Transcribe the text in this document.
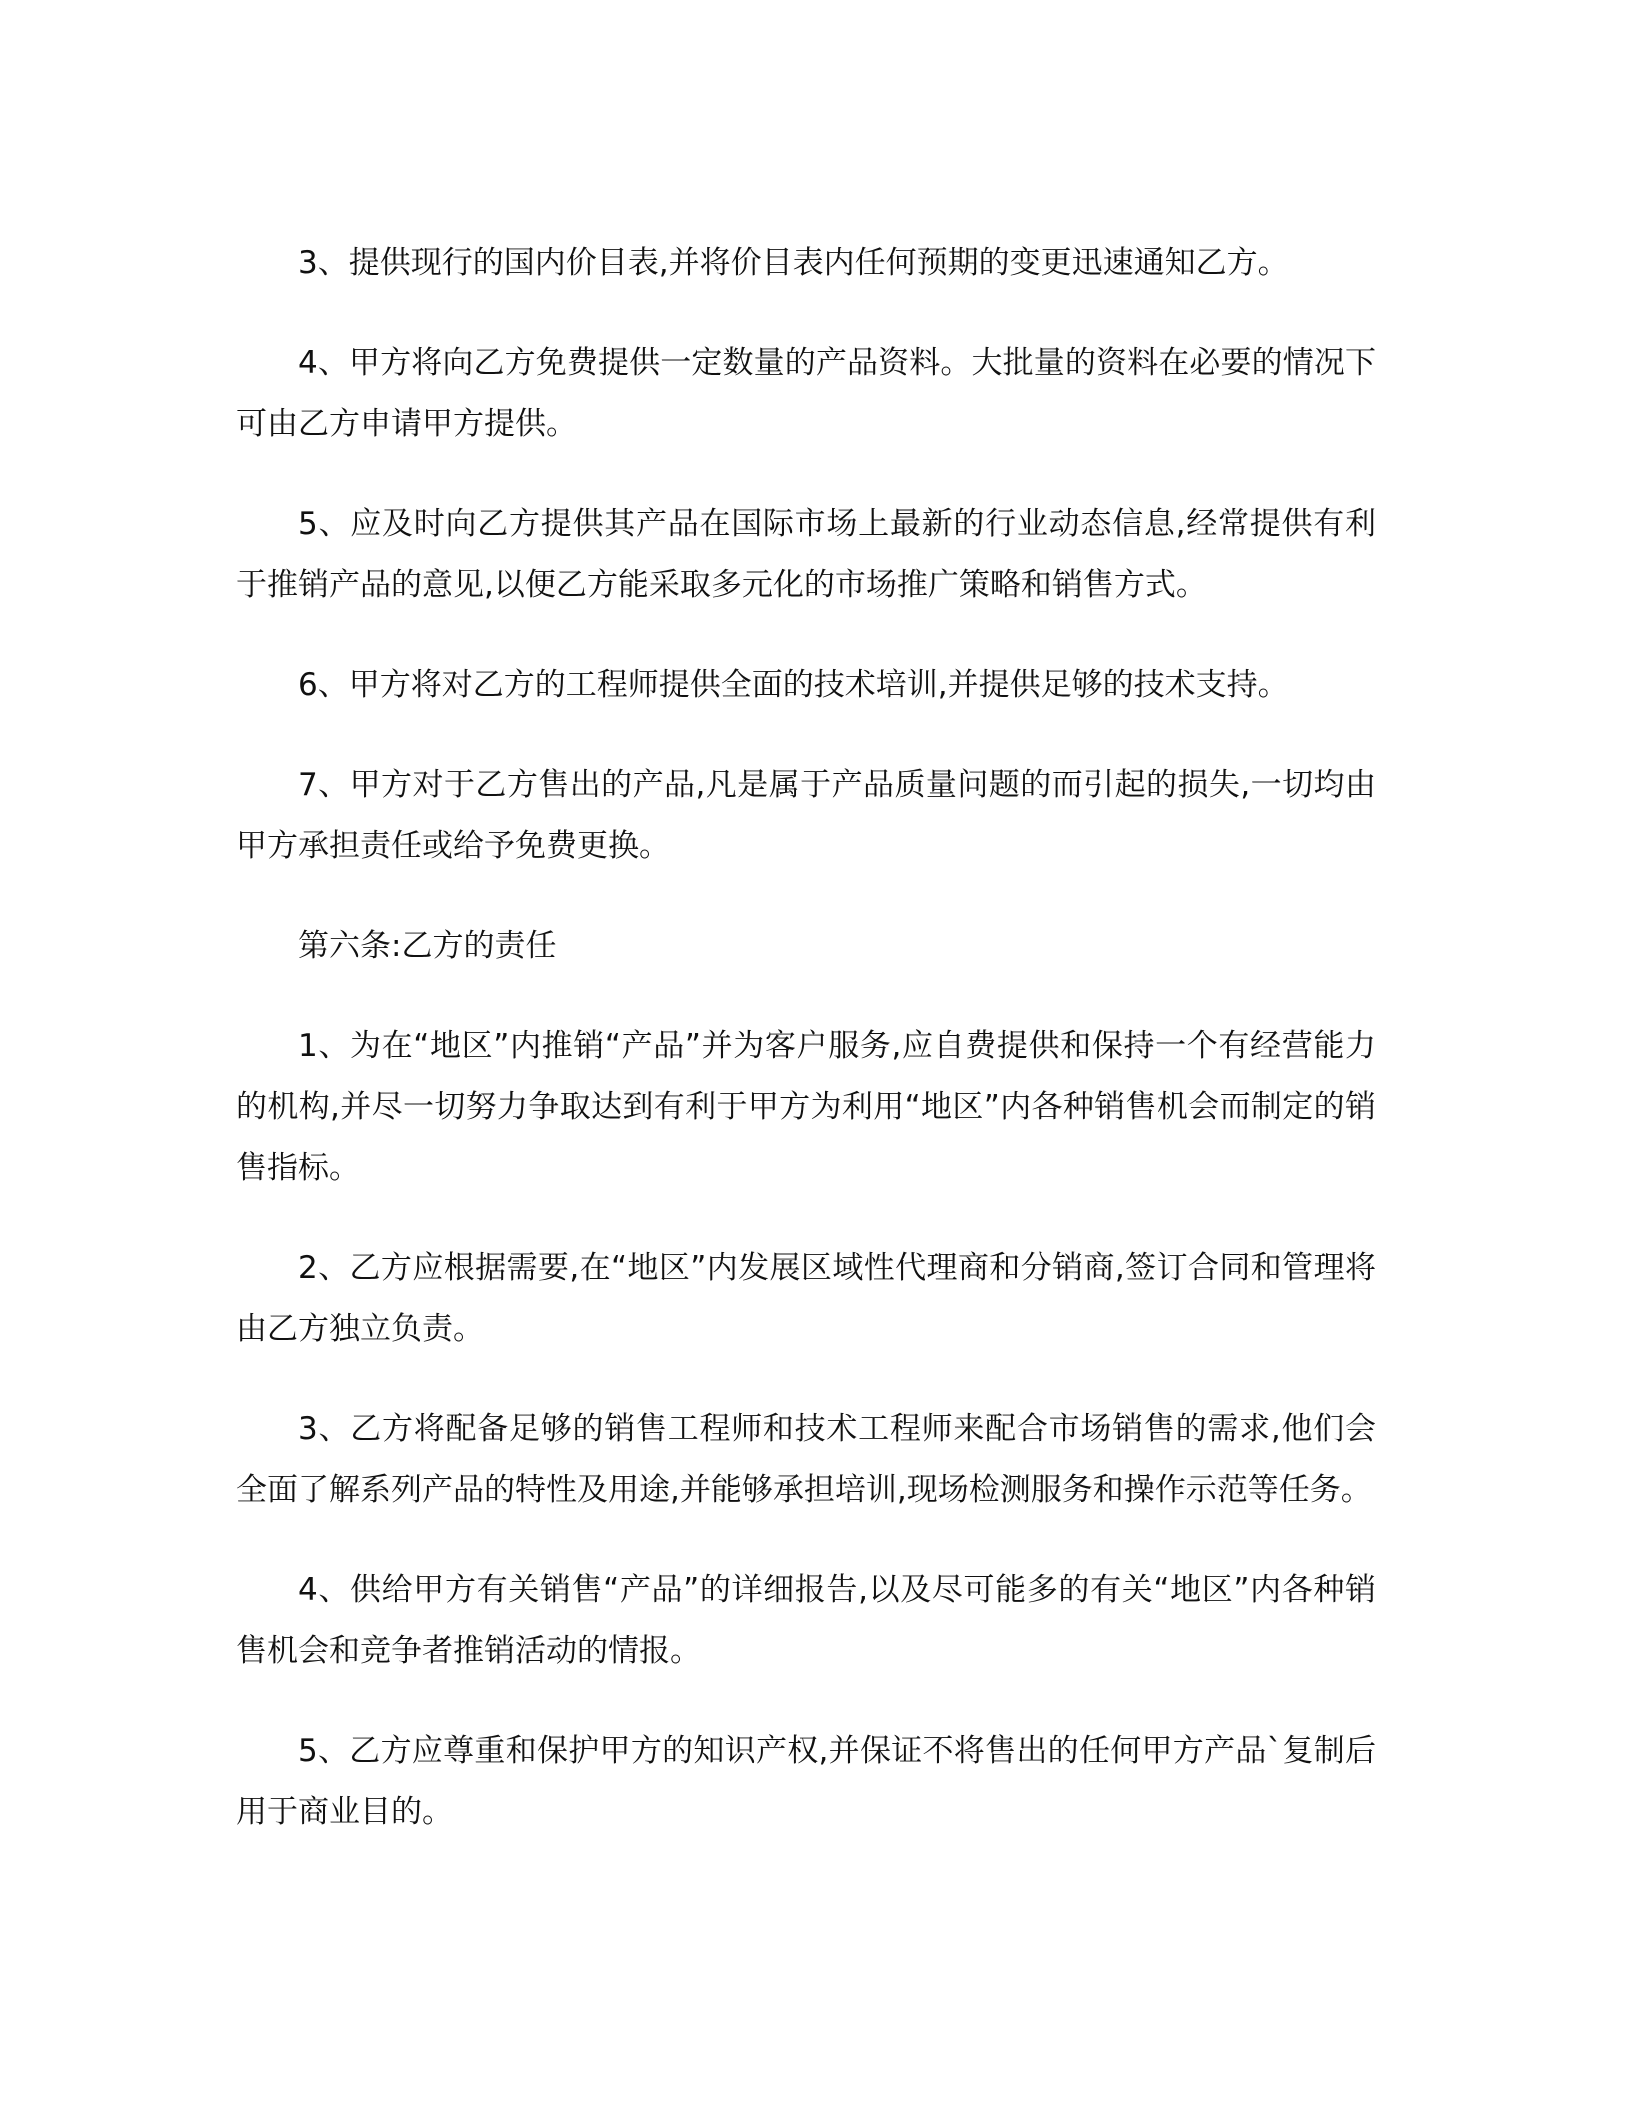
3、提供现行的国内价目表,并将价目表内任何预期的变更迅速通知乙方。

4、甲方将向乙方免费提供一定数量的产品资料。大批量的资料在必要的情况下可由乙方申请甲方提供。

5、应及时向乙方提供其产品在国际市场上最新的行业动态信息,经常提供有利于推销产品的意见,以便乙方能采取多元化的市场推广策略和销售方式。

6、甲方将对乙方的工程师提供全面的技术培训,并提供足够的技术支持。

7、甲方对于乙方售出的产品,凡是属于产品质量问题的而引起的损失,一切均由甲方承担责任或给予免费更换。

第六条:乙方的责任

1、为在“地区”内推销“产品”并为客户服务,应自费提供和保持一个有经营能力的机构,并尽一切努力争取达到有利于甲方为利用“地区”内各种销售机会而制定的销售指标。

2、乙方应根据需要,在“地区”内发展区域性代理商和分销商,签订合同和管理将由乙方独立负责。

3、乙方将配备足够的销售工程师和技术工程师来配合市场销售的需求,他们会全面了解系列产品的特性及用途,并能够承担培训,现场检测服务和操作示范等任务。

4、供给甲方有关销售“产品”的详细报告,以及尽可能多的有关“地区”内各种销售机会和竞争者推销活动的情报。

5、乙方应尊重和保护甲方的知识产权,并保证不将售出的任何甲方产品`复制后用于商业目的。
